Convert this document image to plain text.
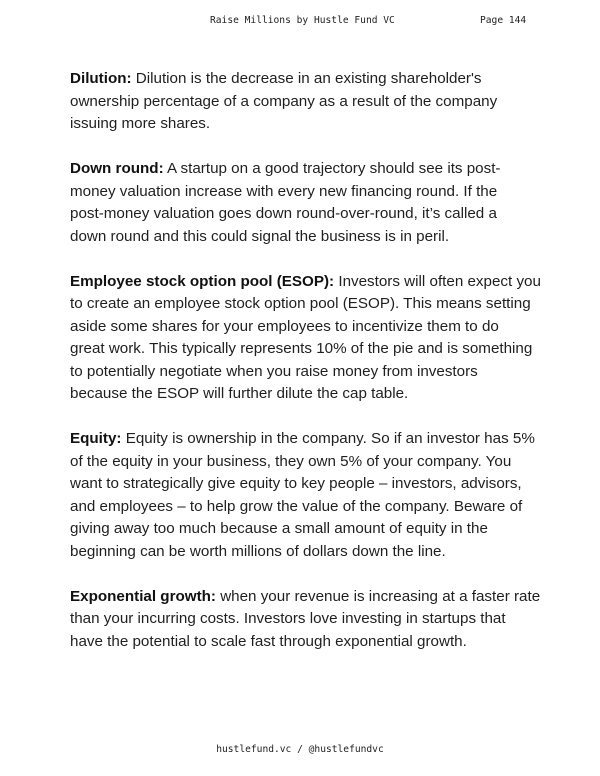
Raise Millions by Hustle Fund VC	Page 144
Dilution: Dilution is the decrease in an existing shareholder's
ownership percentage of a company as a result of the company
issuing more shares.
Down round: A startup on a good trajectory should see its post-
money valuation increase with every new financing round. If the
post-money valuation goes down round-over-round, it’s called a
down round and this could signal the business is in peril.
Employee stock option pool (ESOP): Investors will often expect you
to create an employee stock option pool (ESOP). This means setting
aside some shares for your employees to incentivize them to do
great work. This typically represents 10% of the pie and is something
to potentially negotiate when you raise money from investors
because the ESOP will further dilute the cap table.
Equity: Equity is ownership in the company. So if an investor has 5%
of the equity in your business, they own 5% of your company. You
want to strategically give equity to key people – investors, advisors,
and employees – to help grow the value of the company. Beware of
giving away too much because a small amount of equity in the
beginning can be worth millions of dollars down the line.
Exponential growth: when your revenue is increasing at a faster rate
than your incurring costs. Investors love investing in startups that
have the potential to scale fast through exponential growth.
hustlefund.vc / @hustlefundvc
